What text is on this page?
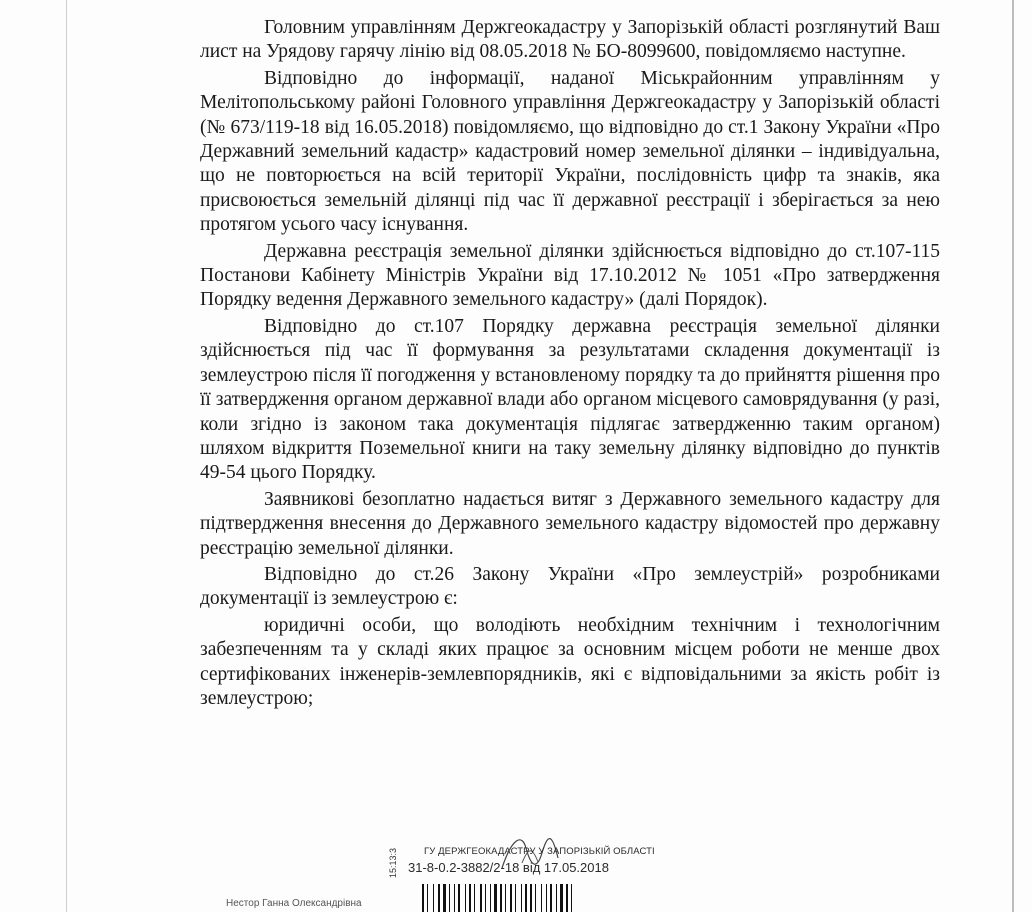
Головним управлінням Держгеокадастру у Запорізькій області розглянутий Ваш лист на Урядову гарячу лінію від 08.05.2018 № БО-8099600, повідомляємо наступне.

Відповідно до інформації, наданої Міськрайонним управлінням у Мелітопольському районі Головного управління Держгеокадастру у Запорізькій області (№ 673/119-18 від 16.05.2018) повідомляємо, що відповідно до ст.1 Закону України «Про Державний земельний кадастр» кадастровий номер земельної ділянки – індивідуальна, що не повторюється на всій території України, послідовність цифр та знаків, яка присвоюється земельній ділянці під час її державної реєстрації і зберігається за нею протягом усього часу існування.

Державна реєстрація земельної ділянки здійснюється відповідно до ст.107-115 Постанови Кабінету Міністрів України від 17.10.2012 № 1051 «Про затвердження Порядку ведення Державного земельного кадастру» (далі Порядок).

Відповідно до ст.107 Порядку державна реєстрація земельної ділянки здійснюється під час її формування за результатами складення документації із землеустрою після її погодження у встановленому порядку та до прийняття рішення про її затвердження органом державної влади або органом місцевого самоврядування (у разі, коли згідно із законом така документація підлягає затвердженню таким органом) шляхом відкриття Поземельної книги на таку земельну ділянку відповідно до пунктів 49-54 цього Порядку.

Заявникові безоплатно надається витяг з Державного земельного кадастру для підтвердження внесення до Державного земельного кадастру відомостей про державну реєстрацію земельної ділянки.

Відповідно до ст.26 Закону України «Про землеустрій» розробниками документації із землеустрою є:

юридичні особи, що володіють необхідним технічним і технологічним забезпеченням та у складі яких працює за основним місцем роботи не менше двох сертифікованих інженерів-землевпорядників, які є відповідальними за якість робіт із землеустрою;

ГУ ДЕРЖГЕОКАДАСТРУ У ЗАПОРІЗЬКІЙ ОБЛАСТІ
31-8-0.2-3882/2-18 від 17.05.2018
15:13:3
Нестор Ганна Олександрівна
